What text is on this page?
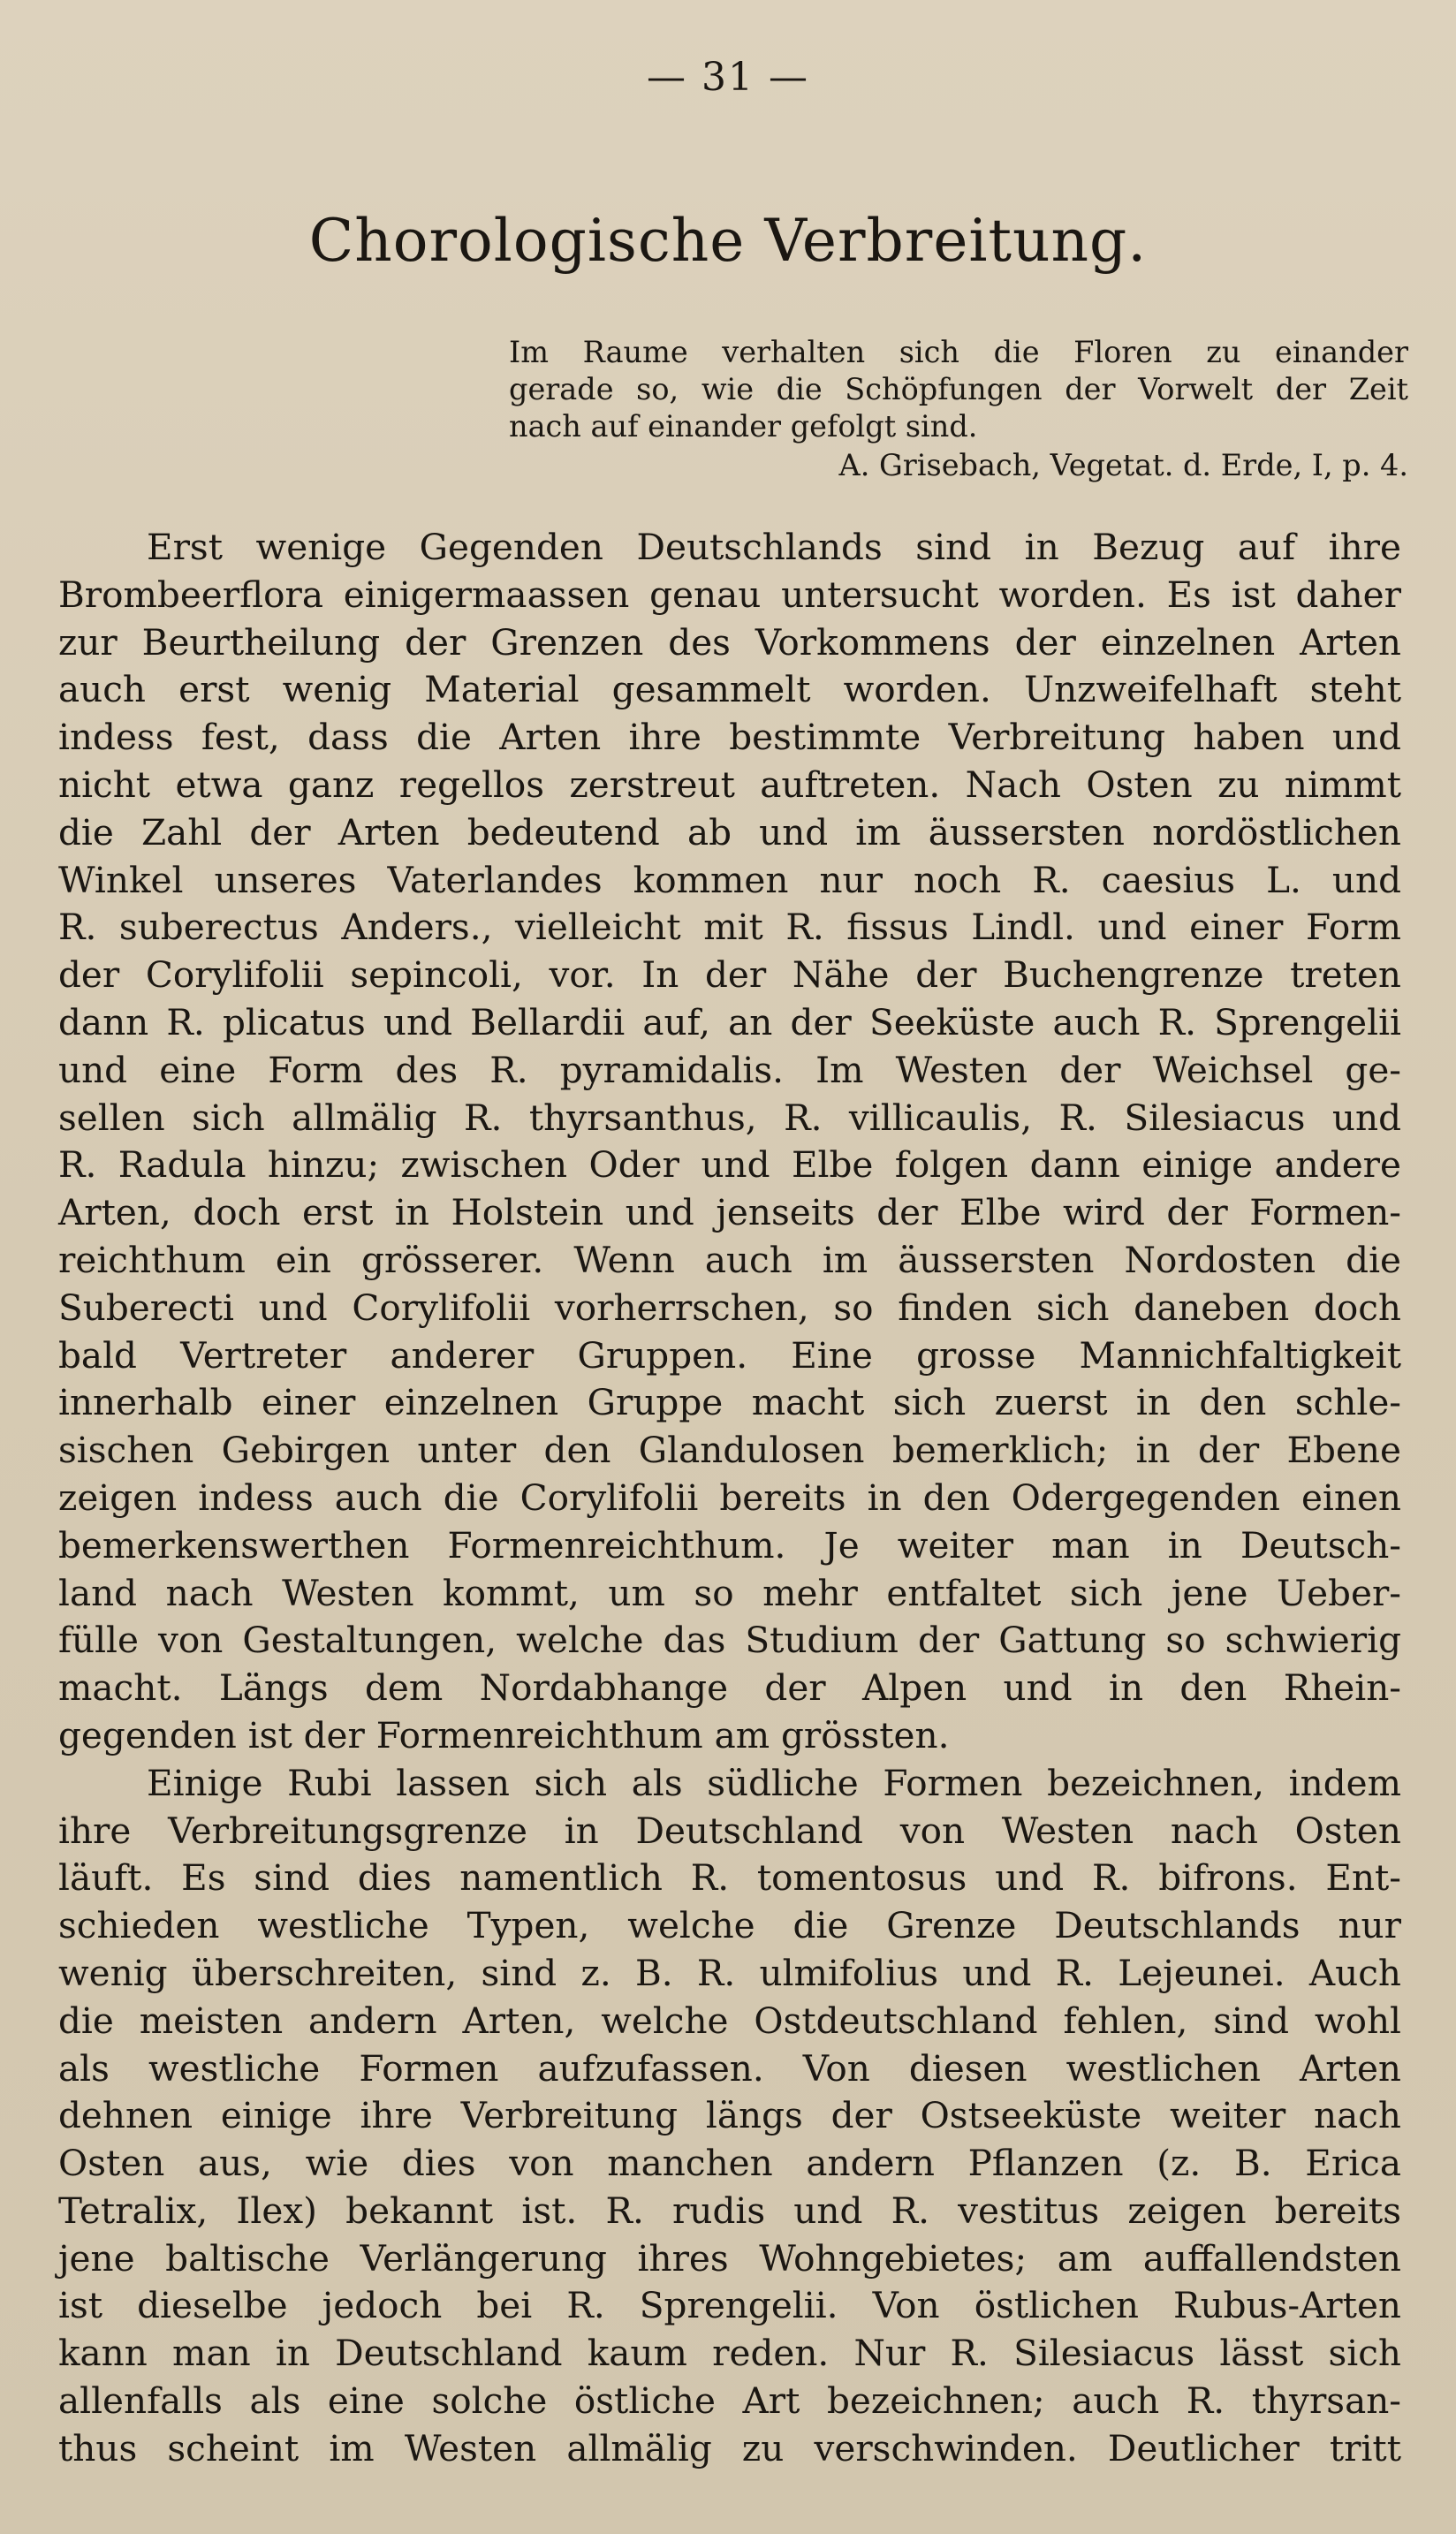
— 31 —
Chorologische Verbreitung.
Im Raume verhalten sich die Floren zu einander
gerade so, wie die Schöpfungen der Vorwelt der Zeit
nach auf einander gefolgt sind.
A. Grisebach, Vegetat. d. Erde, I, p. 4.
Erst wenige Gegenden Deutschlands sind in Bezug auf ihre
Brombeerflora einigermaassen genau untersucht worden. Es ist daher
zur Beurtheilung der Grenzen des Vorkommens der einzelnen Arten
auch erst wenig Material gesammelt worden. Unzweifelhaft steht
indess fest, dass die Arten ihre bestimmte Verbreitung haben und
nicht etwa ganz regellos zerstreut auftreten. Nach Osten zu nimmt
die Zahl der Arten bedeutend ab und im äussersten nordöstlichen
Winkel unseres Vaterlandes kommen nur noch R. caesius L. und
R. suberectus Anders., vielleicht mit R. fissus Lindl. und einer Form
der Corylifolii sepincoli, vor. In der Nähe der Buchengrenze treten
dann R. plicatus und Bellardii auf, an der Seeküste auch R. Sprengelii
und eine Form des R. pyramidalis. Im Westen der Weichsel ge-
sellen sich allmälig R. thyrsanthus, R. villicaulis, R. Silesiacus und
R. Radula hinzu; zwischen Oder und Elbe folgen dann einige andere
Arten, doch erst in Holstein und jenseits der Elbe wird der Formen-
reichthum ein grösserer. Wenn auch im äussersten Nordosten die
Suberecti und Corylifolii vorherrschen, so finden sich daneben doch
bald Vertreter anderer Gruppen. Eine grosse Mannichfaltigkeit
innerhalb einer einzelnen Gruppe macht sich zuerst in den schle-
sischen Gebirgen unter den Glandulosen bemerklich; in der Ebene
zeigen indess auch die Corylifolii bereits in den Odergegenden einen
bemerkenswerthen Formenreichthum. Je weiter man in Deutsch-
land nach Westen kommt, um so mehr entfaltet sich jene Ueber-
fülle von Gestaltungen, welche das Studium der Gattung so schwierig
macht. Längs dem Nordabhange der Alpen und in den Rhein-
gegenden ist der Formenreichthum am grössten.
Einige Rubi lassen sich als südliche Formen bezeichnen, indem
ihre Verbreitungsgrenze in Deutschland von Westen nach Osten
läuft. Es sind dies namentlich R. tomentosus und R. bifrons. Ent-
schieden westliche Typen, welche die Grenze Deutschlands nur
wenig überschreiten, sind z. B. R. ulmifolius und R. Lejeunei. Auch
die meisten andern Arten, welche Ostdeutschland fehlen, sind wohl
als westliche Formen aufzufassen. Von diesen westlichen Arten
dehnen einige ihre Verbreitung längs der Ostseeküste weiter nach
Osten aus, wie dies von manchen andern Pflanzen (z. B. Erica
Tetralix, Ilex) bekannt ist. R. rudis und R. vestitus zeigen bereits
jene baltische Verlängerung ihres Wohngebietes; am auffallendsten
ist dieselbe jedoch bei R. Sprengelii. Von östlichen Rubus-Arten
kann man in Deutschland kaum reden. Nur R. Silesiacus lässt sich
allenfalls als eine solche östliche Art bezeichnen; auch R. thyrsan-
thus scheint im Westen allmälig zu verschwinden. Deutlicher tritt
